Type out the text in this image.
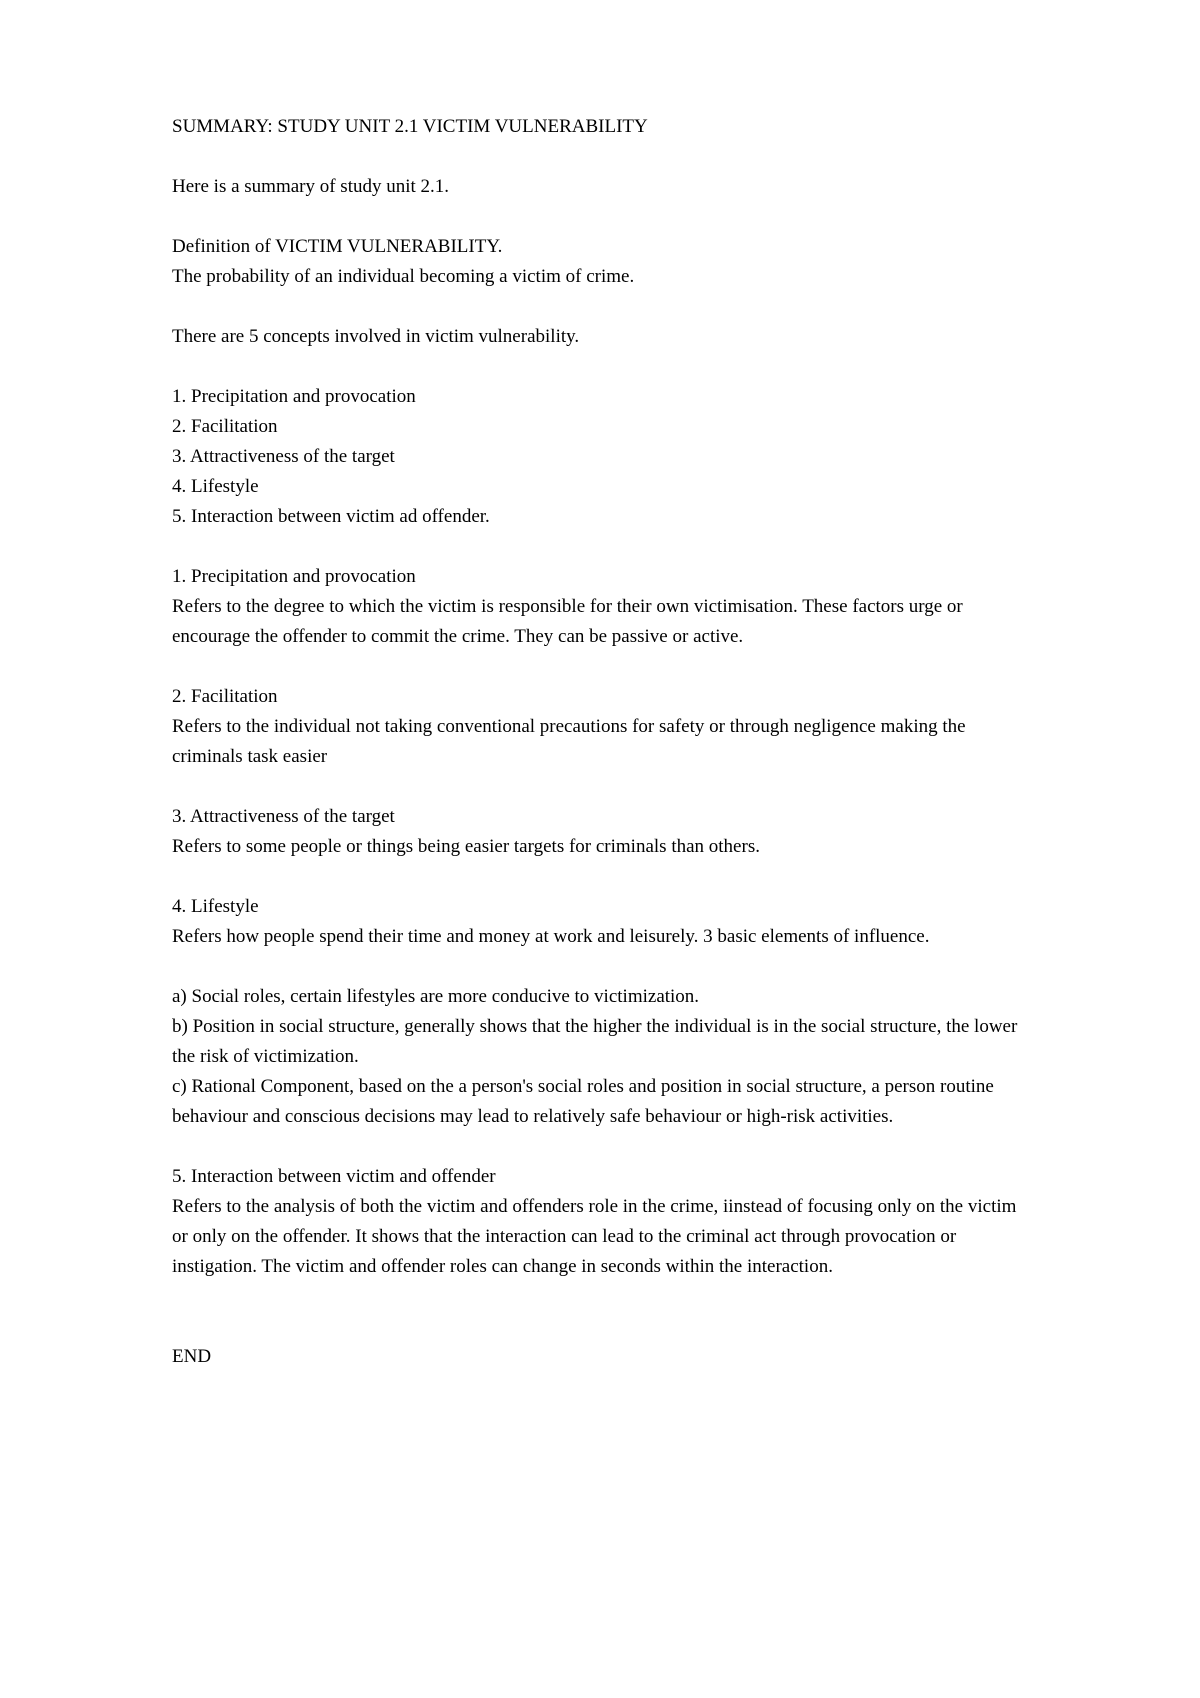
SUMMARY: STUDY UNIT 2.1 VICTIM VULNERABILITY
Here is a summary of study unit 2.1.
Definition of VICTIM VULNERABILITY.
The probability of an individual becoming a victim of crime.
There are 5 concepts involved in victim vulnerability.
1. Precipitation and provocation
2. Facilitation
3. Attractiveness of the target
4. Lifestyle
5. Interaction between victim ad offender.
1. Precipitation and provocation
Refers to the degree to which the victim is responsible for their own victimisation. These factors urge or encourage the offender to commit the crime. They can be passive or active.
2. Facilitation
Refers to the individual not taking conventional precautions for safety or through negligence making the criminals task easier
3. Attractiveness of the target
Refers to some people or things being easier targets for criminals than others.
4. Lifestyle
Refers how people spend their time and money at work and leisurely. 3 basic elements of influence.
a) Social roles, certain lifestyles are more conducive to victimization.
b) Position in social structure, generally shows that the higher the individual is in the social structure, the lower the risk of victimization.
c) Rational Component, based on the a person's social roles and position in social structure, a person routine behaviour and conscious decisions may lead to relatively safe behaviour or high-risk activities.
5. Interaction between victim and offender
Refers to the analysis of both the victim and offenders role in the crime, iinstead of focusing only on the victim or only on the offender. It shows that the interaction can lead to the criminal act through provocation or instigation. The victim and offender roles can change in seconds within the interaction.
END
